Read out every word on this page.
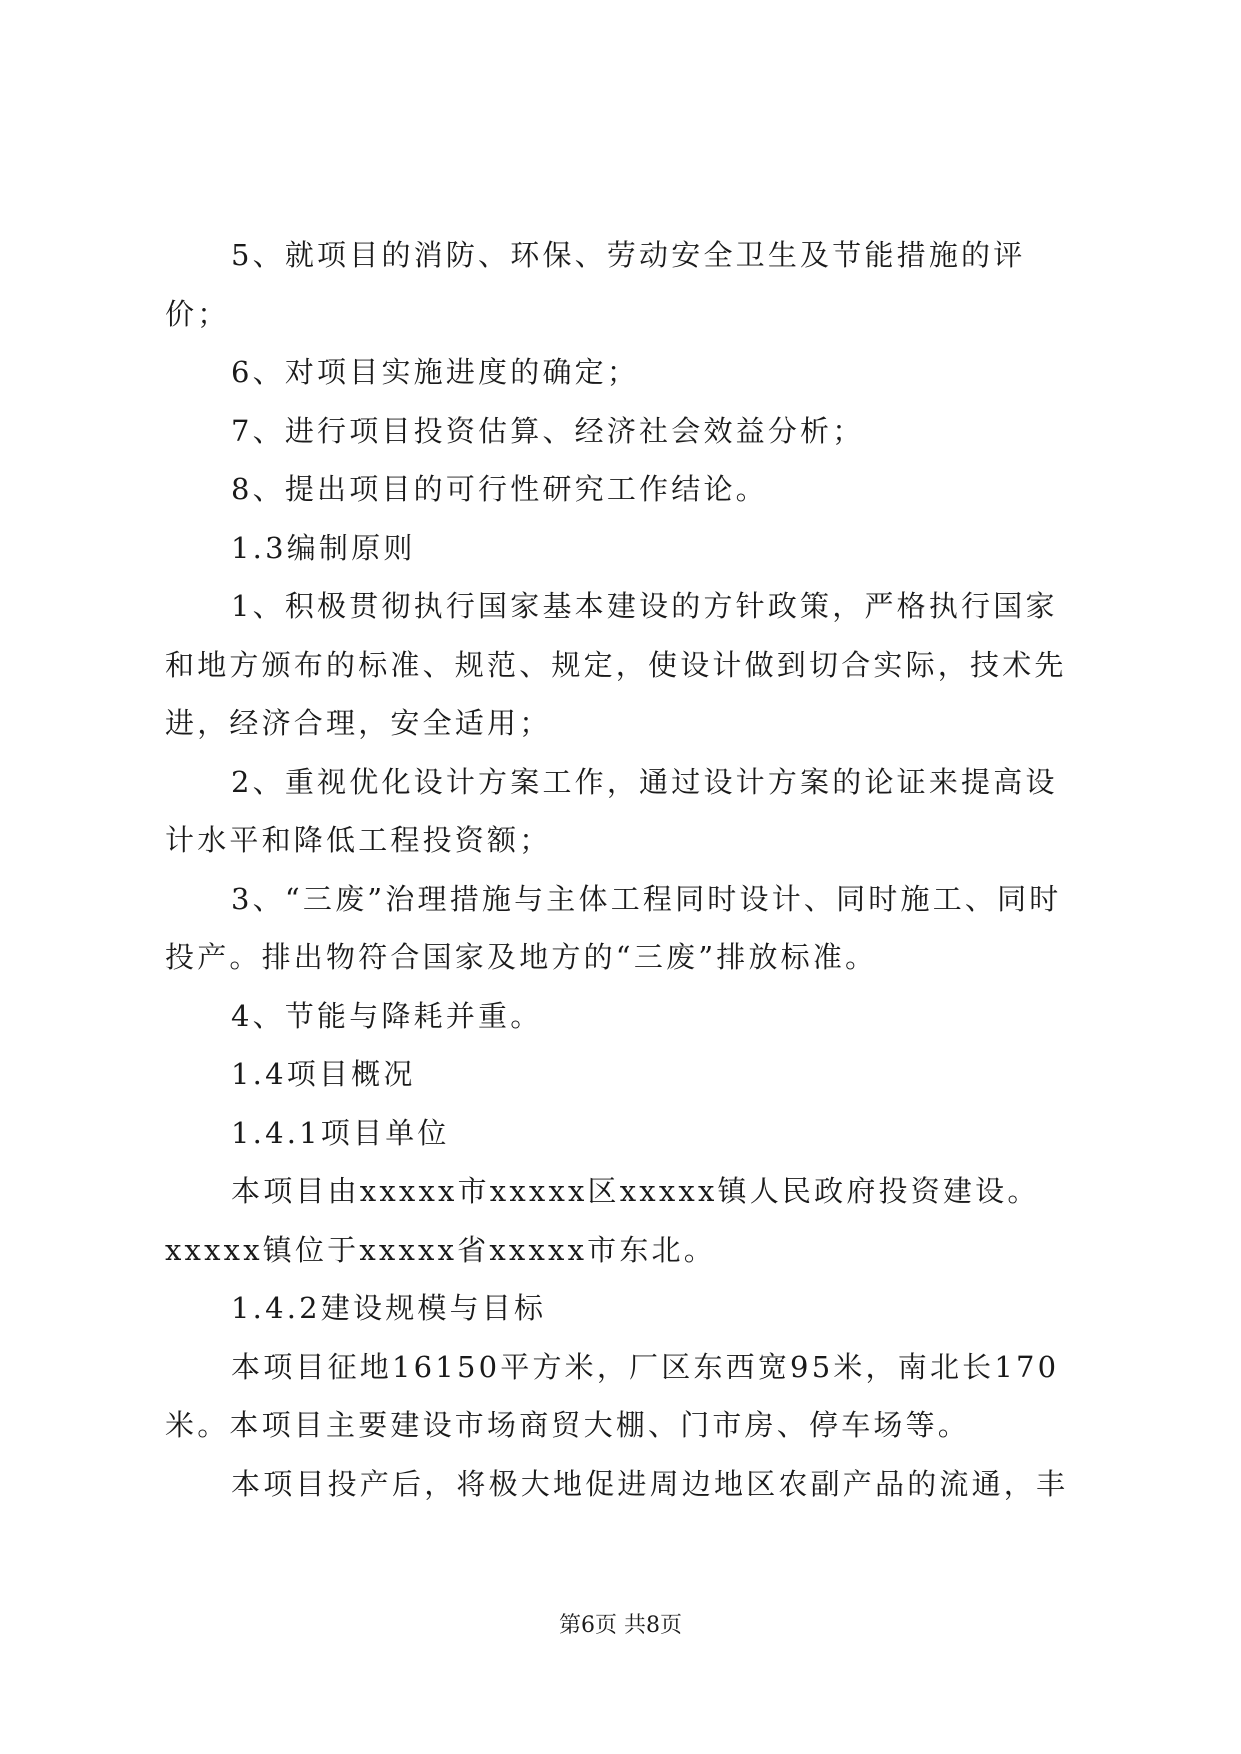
5、就项目的消防、环保、劳动安全卫生及节能措施的评价；

6、对项目实施进度的确定；

7、进行项目投资估算、经济社会效益分析；

8、提出项目的可行性研究工作结论。

1.3编制原则

1、积极贯彻执行国家基本建设的方针政策，严格执行国家和地方颁布的标准、规范、规定，使设计做到切合实际，技术先进，经济合理，安全适用；

2、重视优化设计方案工作，通过设计方案的论证来提高设计水平和降低工程投资额；

3、“三废”治理措施与主体工程同时设计、同时施工、同时投产。排出物符合国家及地方的“三废”排放标准。

4、节能与降耗并重。

1.4项目概况

1.4.1项目单位

本项目由xxxxx市xxxxx区xxxxx镇人民政府投资建设。xxxxx镇位于xxxxx省xxxxx市东北。

1.4.2建设规模与目标

本项目征地16150平方米，厂区东西宽95米，南北长170米。本项目主要建设市场商贸大棚、门市房、停车场等。

本项目投产后，将极大地促进周边地区农副产品的流通，丰

第6页 共8页
